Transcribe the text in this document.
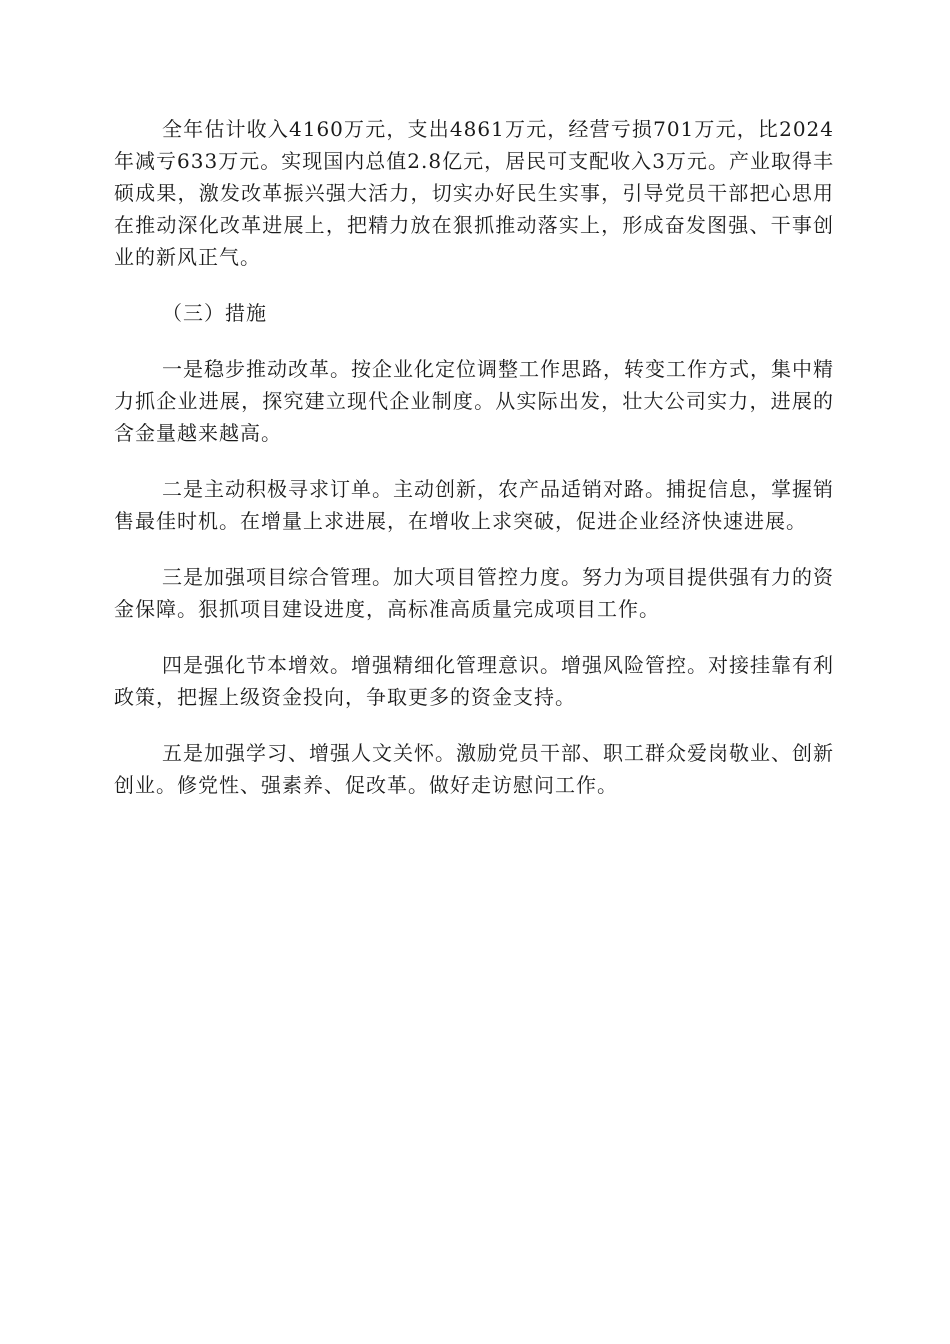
全年估计收入4160万元，支出4861万元，经营亏损701万元，比2024年减亏633万元。实现国内总值2.8亿元，居民可支配收入3万元。产业取得丰硕成果，激发改革振兴强大活力，切实办好民生实事，引导党员干部把心思用在推动深化改革进展上，把精力放在狠抓推动落实上，形成奋发图强、干事创业的新风正气。

（三）措施

一是稳步推动改革。按企业化定位调整工作思路，转变工作方式，集中精力抓企业进展，探究建立现代企业制度。从实际出发，壮大公司实力，进展的含金量越来越高。

二是主动积极寻求订单。主动创新，农产品适销对路。捕捉信息，掌握销售最佳时机。在增量上求进展，在增收上求突破，促进企业经济快速进展。

三是加强项目综合管理。加大项目管控力度。努力为项目提供强有力的资金保障。狠抓项目建设进度，高标准高质量完成项目工作。

四是强化节本增效。增强精细化管理意识。增强风险管控。对接挂靠有利政策，把握上级资金投向，争取更多的资金支持。

五是加强学习、增强人文关怀。激励党员干部、职工群众爱岗敬业、创新创业。修党性、强素养、促改革。做好走访慰问工作。
